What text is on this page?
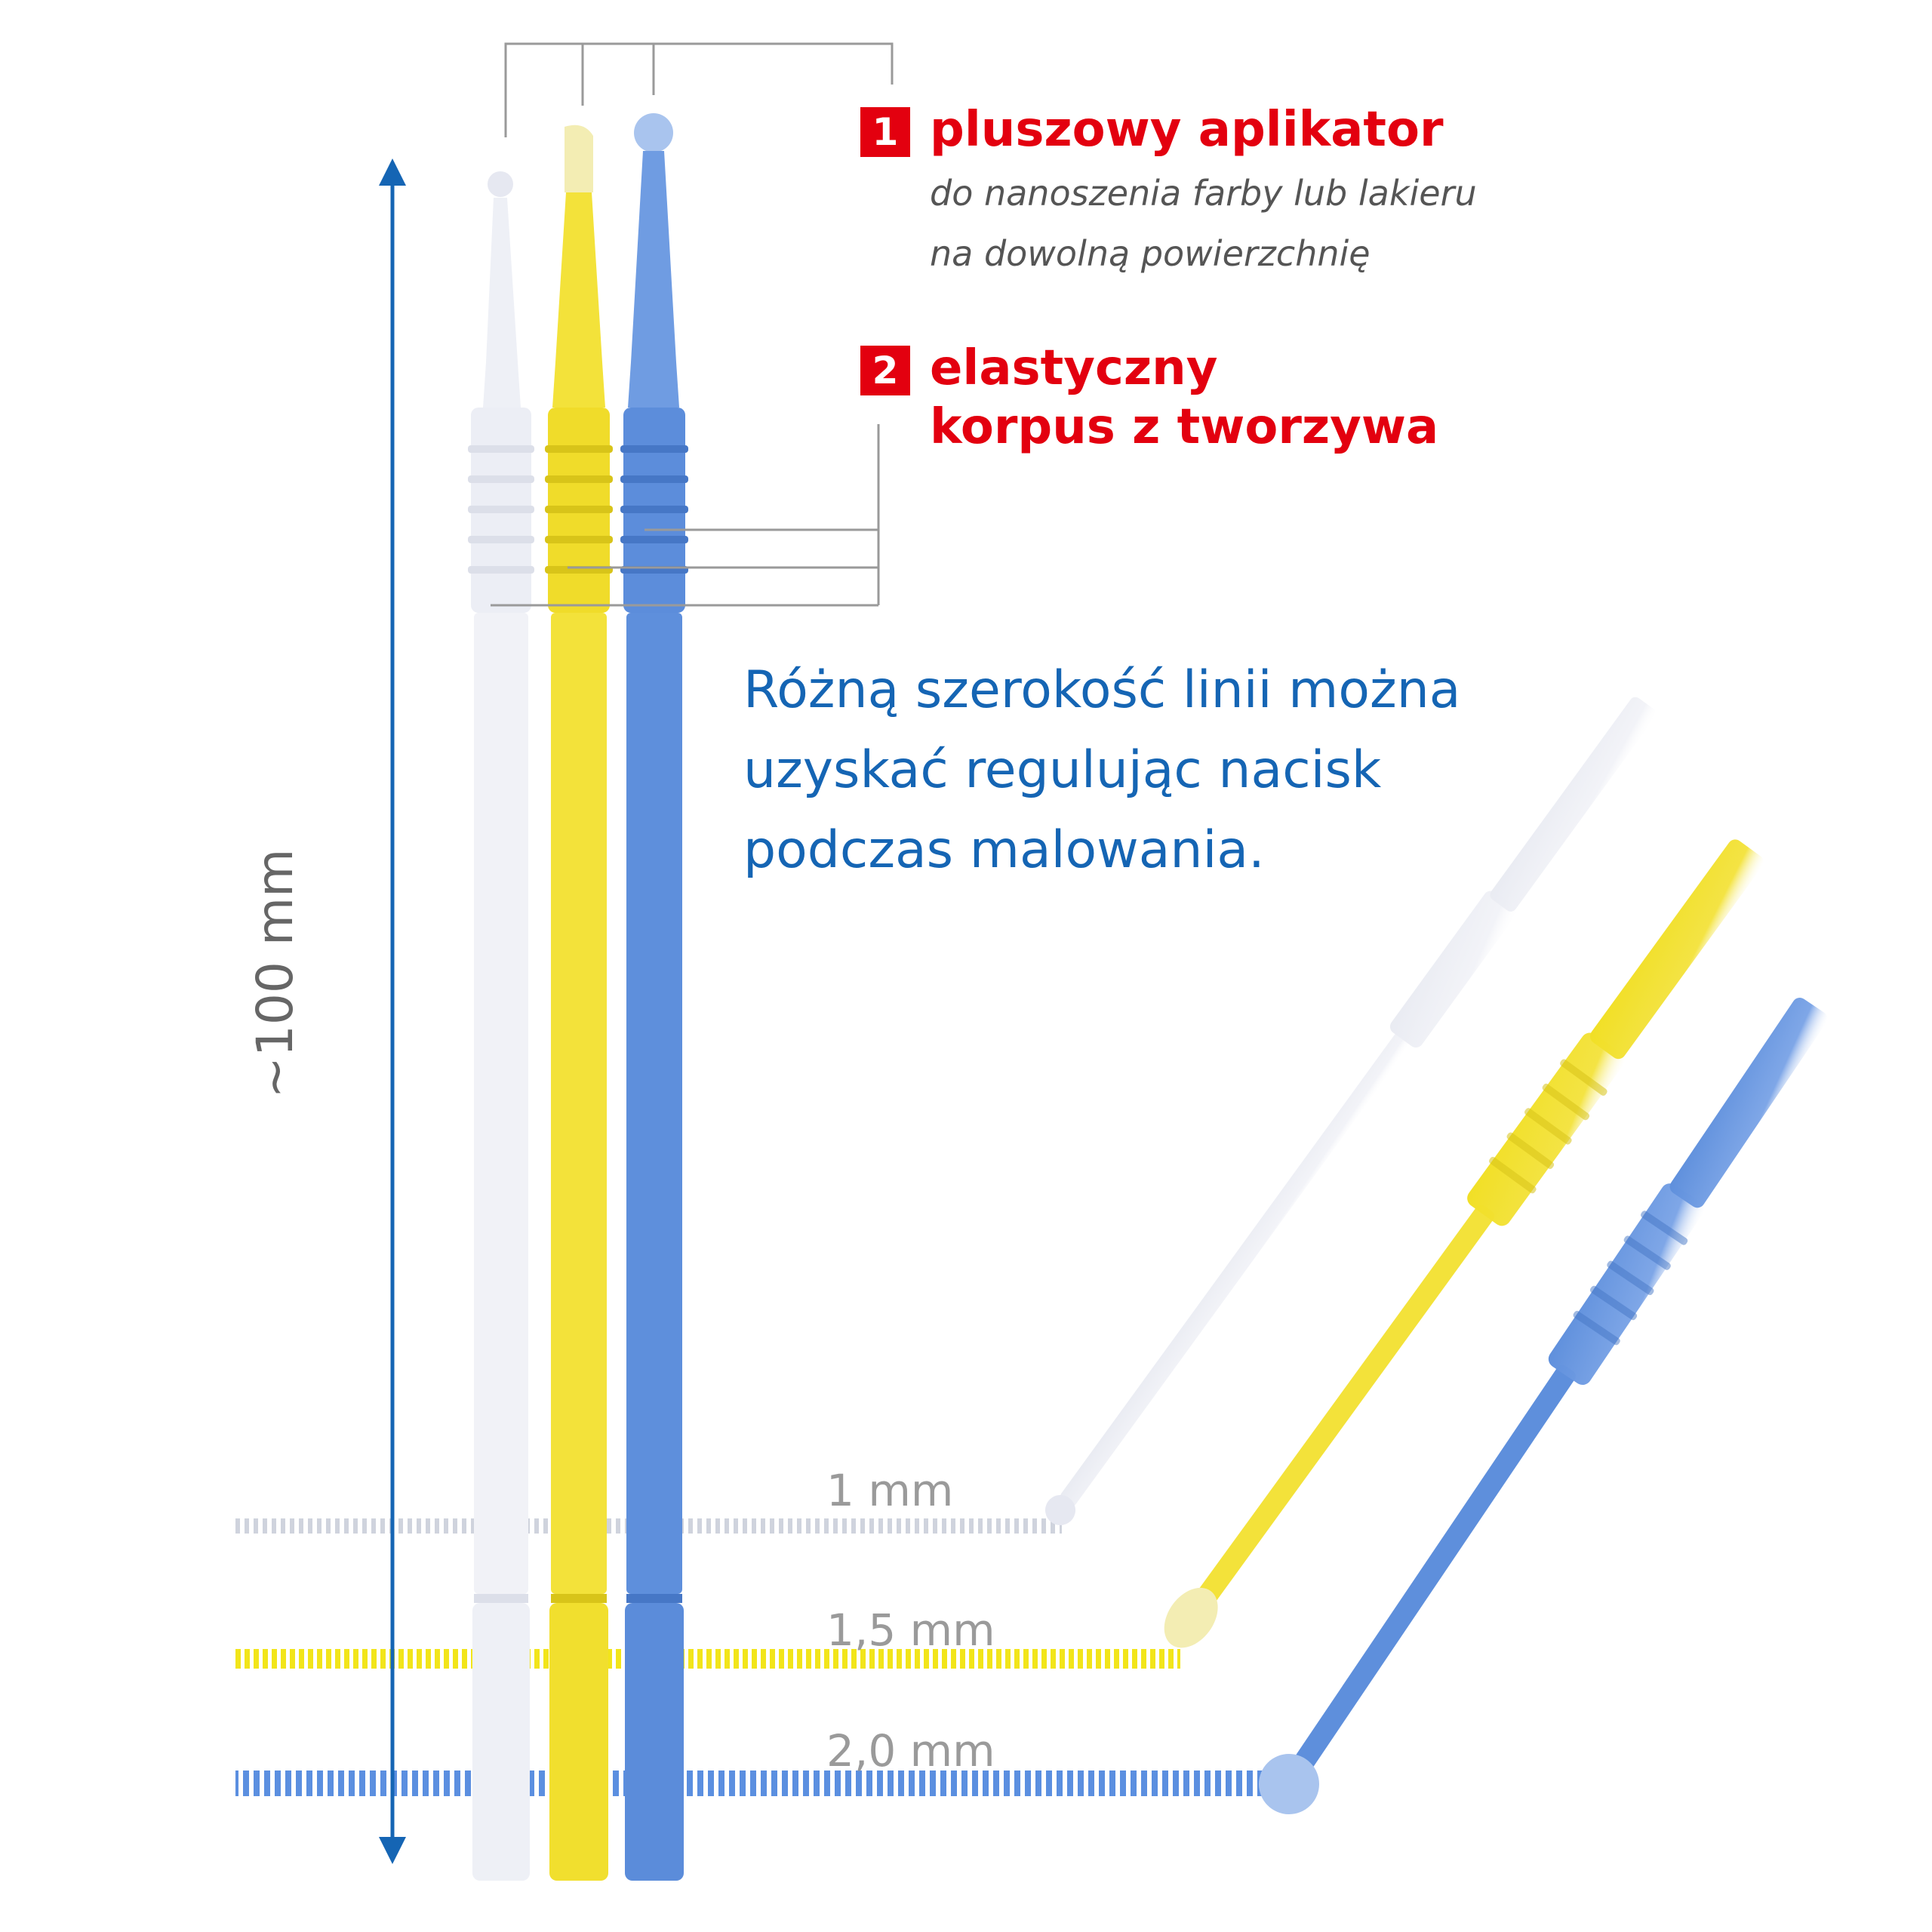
1 pluszowy aplikator
do nanoszenia farby lub lakieru
na dowolną powierzchnię
2 elastyczny
korpus z tworzywa
Różną szerokość linii można
uzyskać regulując nacisk
podczas malowania.
~100 mm
1 mm
1,5 mm
2,0 mm
